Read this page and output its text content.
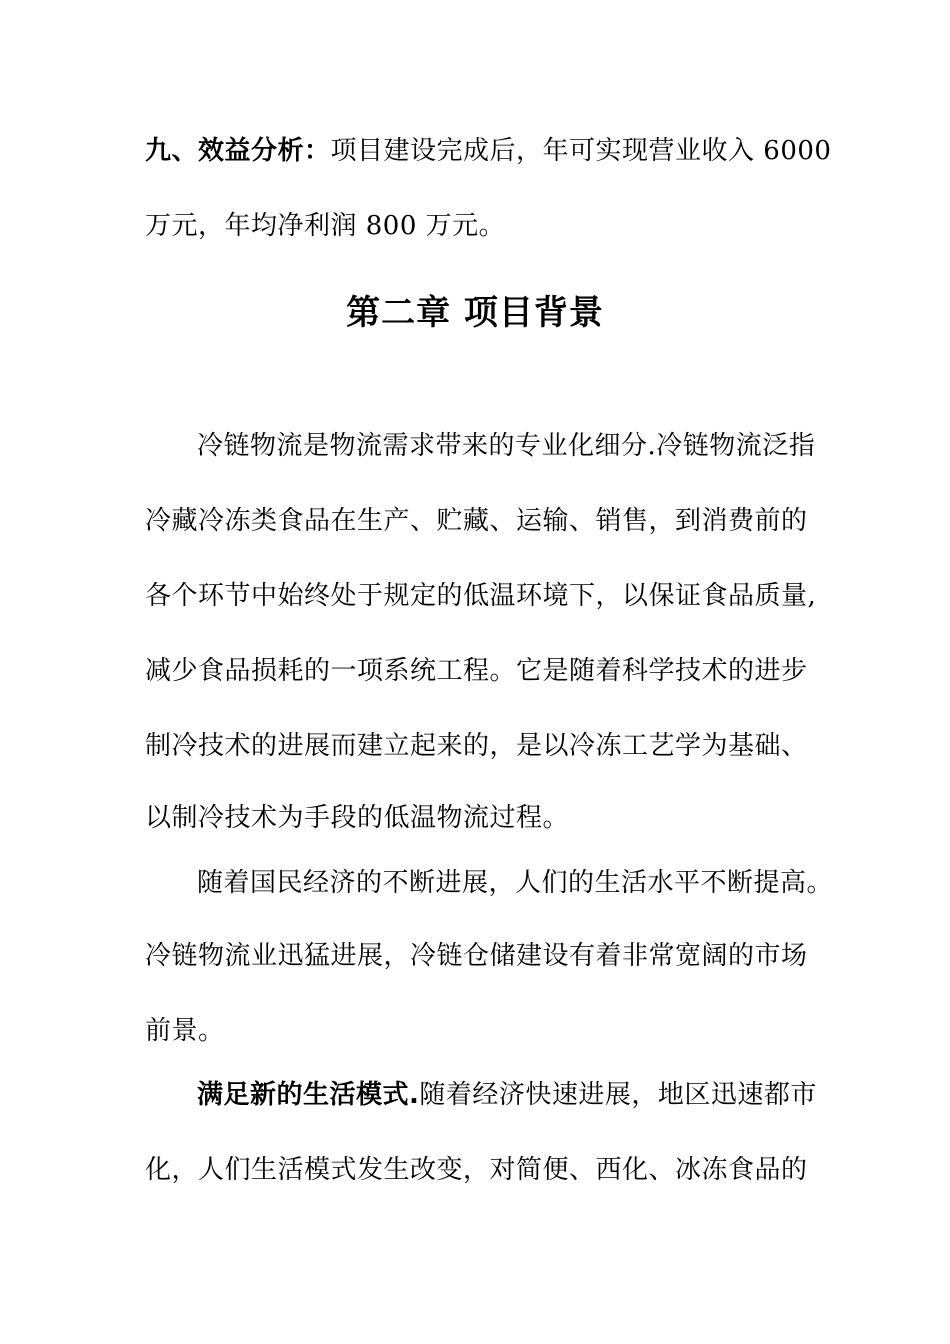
九、效益分析：项目建设完成后，年可实现营业收入 6000
万元，年均净利润 800 万元。
第二章 项目背景
冷链物流是物流需求带来的专业化细分.冷链物流泛指
冷藏冷冻类食品在生产、贮藏、运输、销售，到消费前的
各个环节中始终处于规定的低温环境下，以保证食品质量,
减少食品损耗的一项系统工程。它是随着科学技术的进步
制冷技术的进展而建立起来的，是以冷冻工艺学为基础、
以制冷技术为手段的低温物流过程。
随着国民经济的不断进展，人们的生活水平不断提高。
冷链物流业迅猛进展，冷链仓储建设有着非常宽阔的市场
前景。
满足新的生活模式.随着经济快速进展，地区迅速都市
化，人们生活模式发生改变，对简便、西化、冰冻食品的
